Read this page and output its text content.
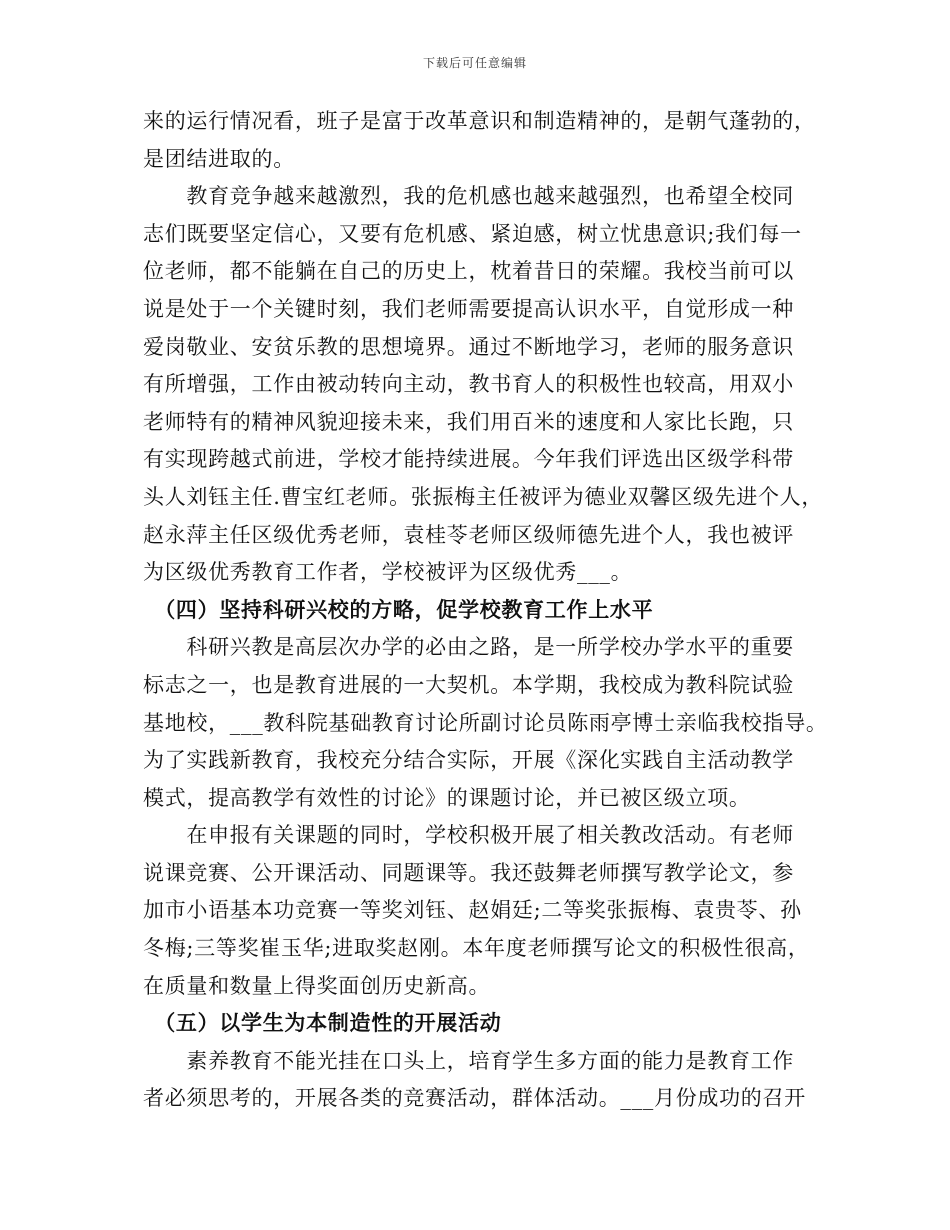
下载后可任意编辑
来的运行情况看，班子是富于改革意识和制造精神的，是朝气蓬勃的，
是团结进取的。
　　教育竞争越来越激烈，我的危机感也越来越强烈，也希望全校同
志们既要坚定信心，又要有危机感、紧迫感，树立忧患意识;我们每一
位老师，都不能躺在自己的历史上，枕着昔日的荣耀。我校当前可以
说是处于一个关键时刻，我们老师需要提高认识水平，自觉形成一种
爱岗敬业、安贫乐教的思想境界。通过不断地学习，老师的服务意识
有所增强，工作由被动转向主动，教书育人的积极性也较高，用双小
老师特有的精神风貌迎接未来，我们用百米的速度和人家比长跑，只
有实现跨越式前进，学校才能持续进展。今年我们评选出区级学科带
头人刘钰主任.曹宝红老师。张振梅主任被评为德业双馨区级先进个人，
赵永萍主任区级优秀老师，袁桂苓老师区级师德先进个人，我也被评
为区级优秀教育工作者，学校被评为区级优秀___。
　（四）坚持科研兴校的方略，促学校教育工作上水平
　　科研兴教是高层次办学的必由之路，是一所学校办学水平的重要
标志之一，也是教育进展的一大契机。本学期，我校成为教科院试验
基地校，___教科院基础教育讨论所副讨论员陈雨亭博士亲临我校指导。
为了实践新教育，我校充分结合实际，开展《深化实践自主活动教学
模式，提高教学有效性的讨论》的课题讨论，并已被区级立项。
　　在申报有关课题的同时，学校积极开展了相关教改活动。有老师
说课竞赛、公开课活动、同题课等。我还鼓舞老师撰写教学论文，参
加市小语基本功竞赛一等奖刘钰、赵娟廷;二等奖张振梅、袁贵苓、孙
冬梅;三等奖崔玉华;进取奖赵刚。本年度老师撰写论文的积极性很高，
在质量和数量上得奖面创历史新高。
　（五）以学生为本制造性的开展活动
　　素养教育不能光挂在口头上，培育学生多方面的能力是教育工作
者必须思考的，开展各类的竞赛活动，群体活动。___月份成功的召开
